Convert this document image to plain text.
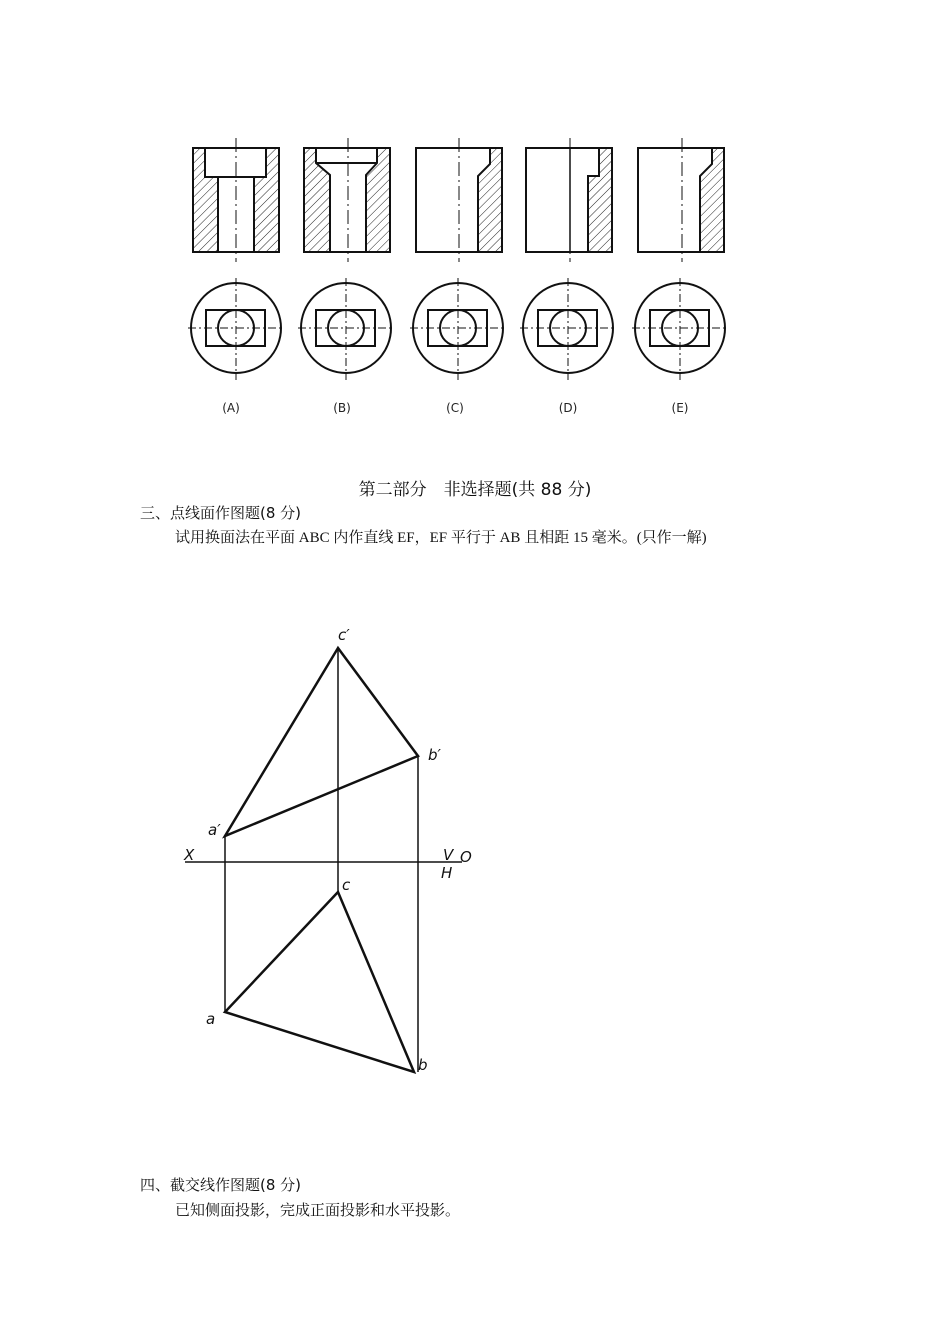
(A)	(B)	(C)	(D)	(E)
c′
b′
a′
X	V O
H
c
a
b
第二部分　非选择题(共 88 分)
三、点线面作图题(8 分)
试用换面法在平面 ABC 内作直线 EF，EF 平行于 AB 且相距 15 毫米。(只作一解)
四、截交线作图题(8 分)
已知侧面投影，完成正面投影和水平投影。
